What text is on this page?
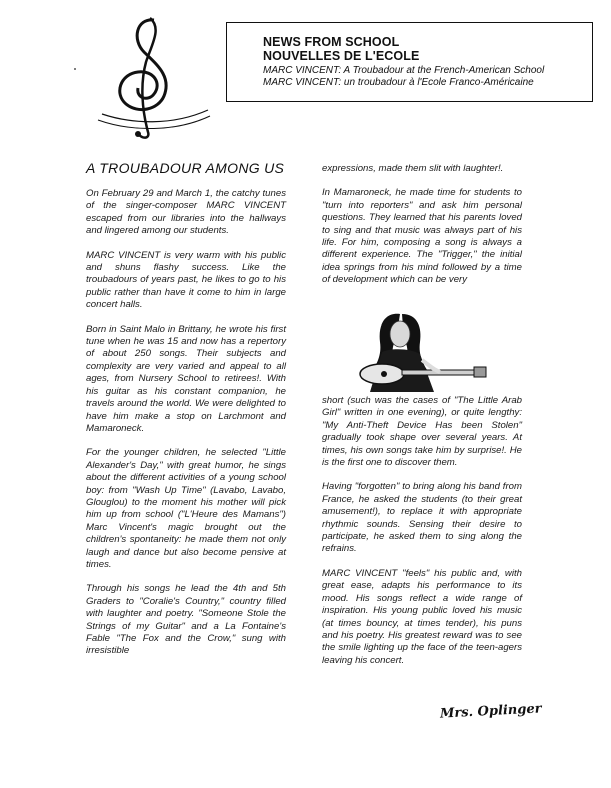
NEWS FROM SCHOOL
NOUVELLES DE L'ECOLE
MARC VINCENT: A Troubadour at the French-American School
MARC VINCENT: un troubadour à l'Ecole Franco-Américaine
A TROUBADOUR AMONG US

On February 29 and March 1, the catchy tunes of the singer-composer MARC VINCENT escaped from our libraries into the hallways and lingered among our students.

MARC VINCENT is very warm with his public and shuns flashy success. Like the troubadours of years past, he likes to go to his public rather than have it come to him in large concert halls.

Born in Saint Malo in Brittany, he wrote his first tune when he was 15 and now has a repertory of about 250 songs. Their subjects and complexity are very varied and appeal to all ages, from Nursery School to retirees!. With his guitar as his constant companion, he travels around the world. We were delighted to have him make a stop on Larchmont and Mamaroneck.

For the younger children, he selected "Little Alexander's Day," with great humor, he sings about the different activities of a young school boy: from "Wash Up Time" (Lavabo, Lavabo, Glouglou) to the moment his mother will pick him up from school ("L'Heure des Mamans") Marc Vincent's magic brought out the children's spontaneity: he made them not only laugh and dance but also become pensive at times.

Through his songs he lead the 4th and 5th Graders to "Coralie's Country," country filled with laughter and poetry. "Someone Stole the Strings of my Guitar" and a La Fontaine's Fable "The Fox and the Crow," sung with irresistible

expressions, made them slit with laughter!.

In Mamaroneck, he made time for students to "turn into reporters" and ask him personal questions. They learned that his parents loved to sing and that music was always part of his life. For him, composing a song is always a different experience. The "Trigger," the initial idea springs from his mind followed by a time of development which can be very

short (such was the cases of "The Little Arab Girl" written in one evening), or quite lengthy: "My Anti-Theft Device Has been Stolen" gradually took shape over several years. At times, his own songs take him by surprise!. He is the first one to discover them.

Having "forgotten" to bring along his band from France, he asked the students (to their great amusement!), to replace it with appropriate rhythmic sounds. Sensing their desire to participate, he asked them to sing along the refrains.

MARC VINCENT "feels" his public and, with great ease, adapts his performance to its mood. His songs reflect a wide range of inspiration. His young public loved his music (at times bouncy, at times tender), his puns and his poetry. His greatest reward was to see the smile lighting up the face of the teen-agers leaving his concert.

Mrs. Oplinger
